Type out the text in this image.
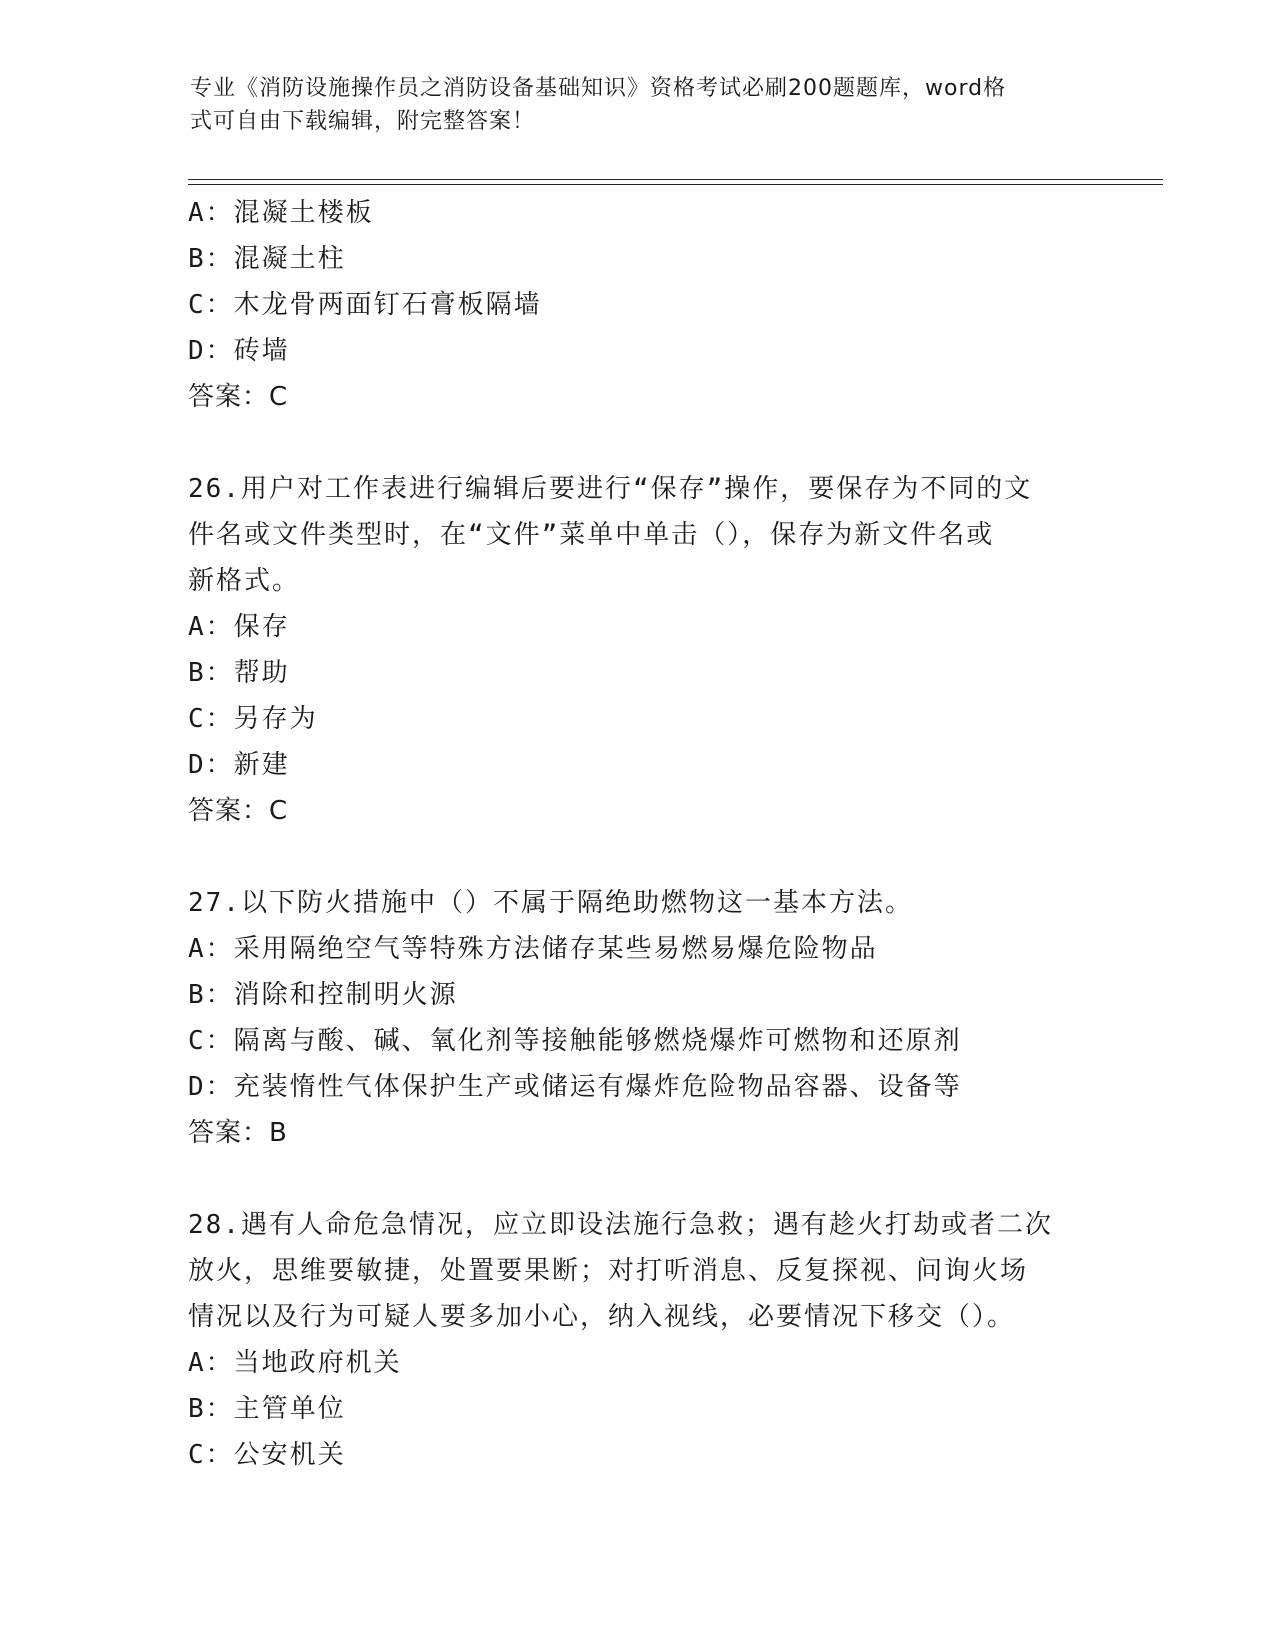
专业《消防设施操作员之消防设备基础知识》资格考试必刷200题题库，word格
式可自由下载编辑，附完整答案！
A：混凝土楼板
B：混凝土柱
C：木龙骨两面钉石膏板隔墙
D：砖墙
答案：C
26.用户对工作表进行编辑后要进行“保存”操作，要保存为不同的文
件名或文件类型时，在“文件”菜单中单击（），保存为新文件名或
新格式。
A：保存
B：帮助
C：另存为
D：新建
答案：C
27.以下防火措施中（）不属于隔绝助燃物这一基本方法。
A：采用隔绝空气等特殊方法储存某些易燃易爆危险物品
B：消除和控制明火源
C：隔离与酸、碱、氧化剂等接触能够燃烧爆炸可燃物和还原剂
D：充装惰性气体保护生产或储运有爆炸危险物品容器、设备等
答案：B
28.遇有人命危急情况，应立即设法施行急救；遇有趁火打劫或者二次
放火，思维要敏捷，处置要果断；对打听消息、反复探视、问询火场
情况以及行为可疑人要多加小心，纳入视线，必要情况下移交（）。
A：当地政府机关
B：主管单位
C：公安机关
